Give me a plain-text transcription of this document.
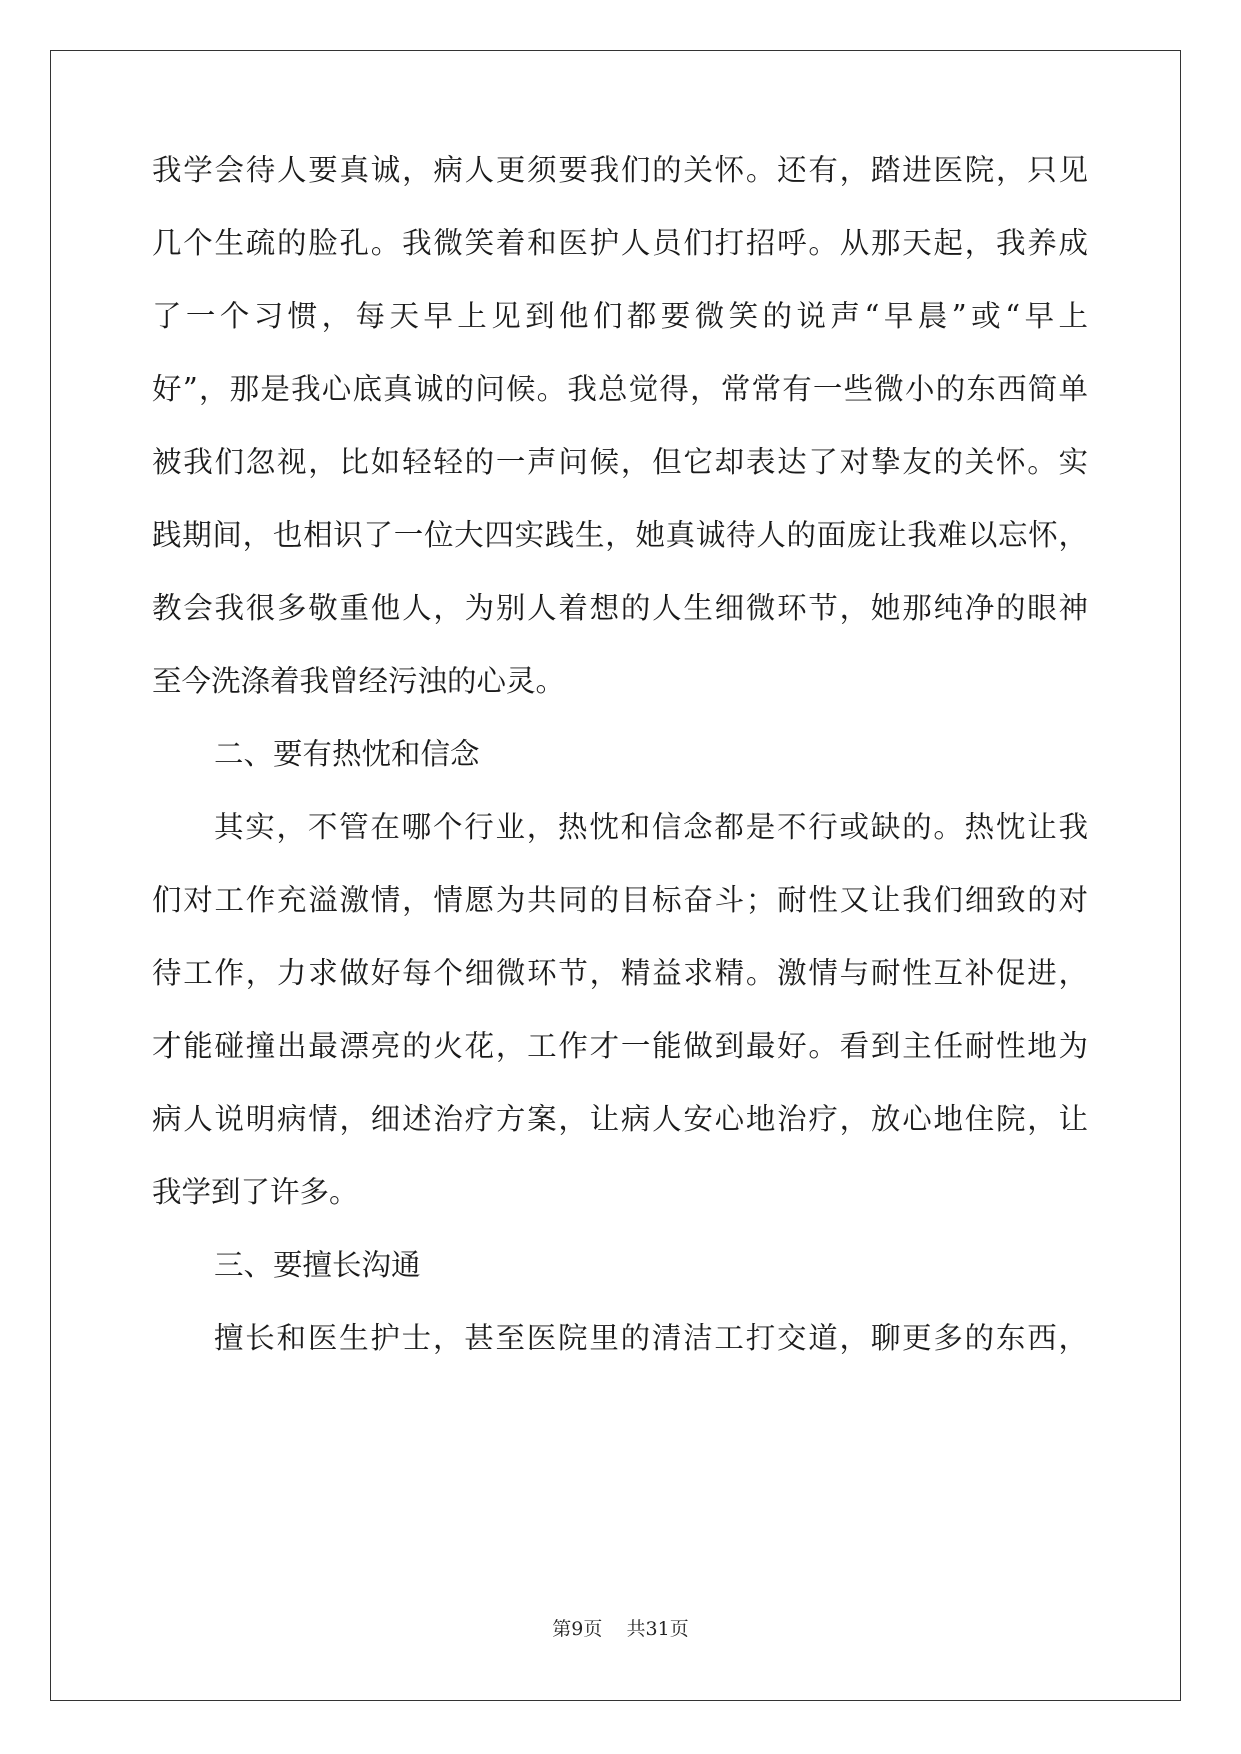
我学会待人要真诚，病人更须要我们的关怀。还有，踏进医院，只见
几个生疏的脸孔。我微笑着和医护人员们打招呼。从那天起，我养成
了一个习惯，每天早上见到他们都要微笑的说声“早晨”或“早上
好”，那是我心底真诚的问候。我总觉得，常常有一些微小的东西简单
被我们忽视，比如轻轻的一声问候，但它却表达了对挚友的关怀。实
践期间，也相识了一位大四实践生，她真诚待人的面庞让我难以忘怀，
教会我很多敬重他人，为别人着想的人生细微环节，她那纯净的眼神
至今洗涤着我曾经污浊的心灵。
二、要有热忱和信念
其实，不管在哪个行业，热忱和信念都是不行或缺的。热忱让我
们对工作充溢激情，情愿为共同的目标奋斗；耐性又让我们细致的对
待工作，力求做好每个细微环节，精益求精。激情与耐性互补促进，
才能碰撞出最漂亮的火花，工作才一能做到最好。看到主任耐性地为
病人说明病情，细述治疗方案，让病人安心地治疗，放心地住院，让
我学到了许多。
三、要擅长沟通
擅长和医生护士，甚至医院里的清洁工打交道，聊更多的东西，
第9页 共31页
